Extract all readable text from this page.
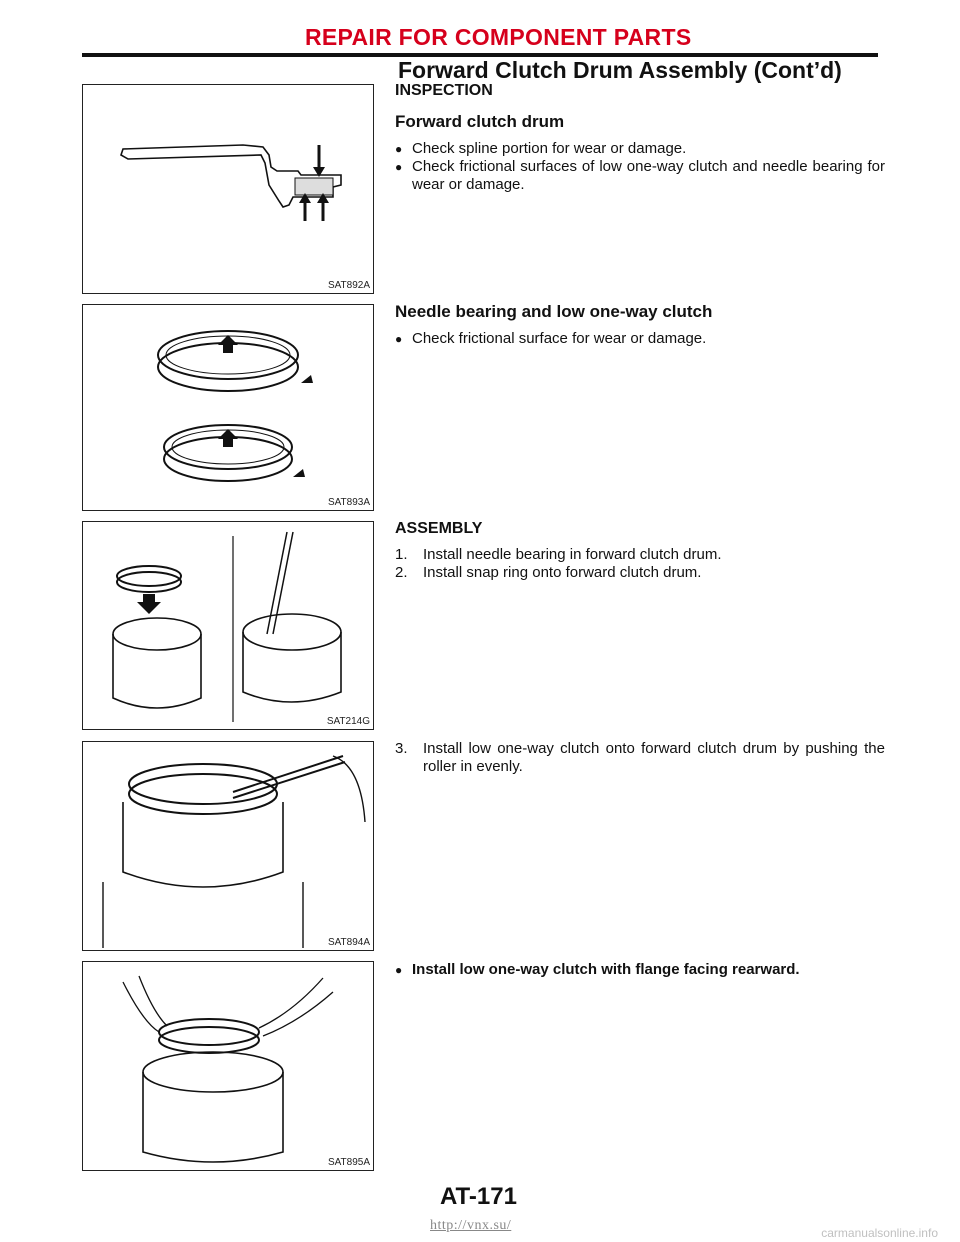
REPAIR FOR COMPONENT PARTS
Forward Clutch Drum Assembly (Cont’d)
SAT892A
SAT893A
SAT214G
SAT894A
SAT895A
INSPECTION
Forward clutch drum
● Check spline portion for wear or damage.
● Check frictional surfaces of low one-way clutch and needle bearing for wear or damage.
Needle bearing and low one-way clutch
● Check frictional surface for wear or damage.
ASSEMBLY
1. Install needle bearing in forward clutch drum.
2. Install snap ring onto forward clutch drum.
3. Install low one-way clutch onto forward clutch drum by pushing the roller in evenly.
● Install low one-way clutch with flange facing rearward.
AT-171
http://vnx.su/	carmanualsonline.info
